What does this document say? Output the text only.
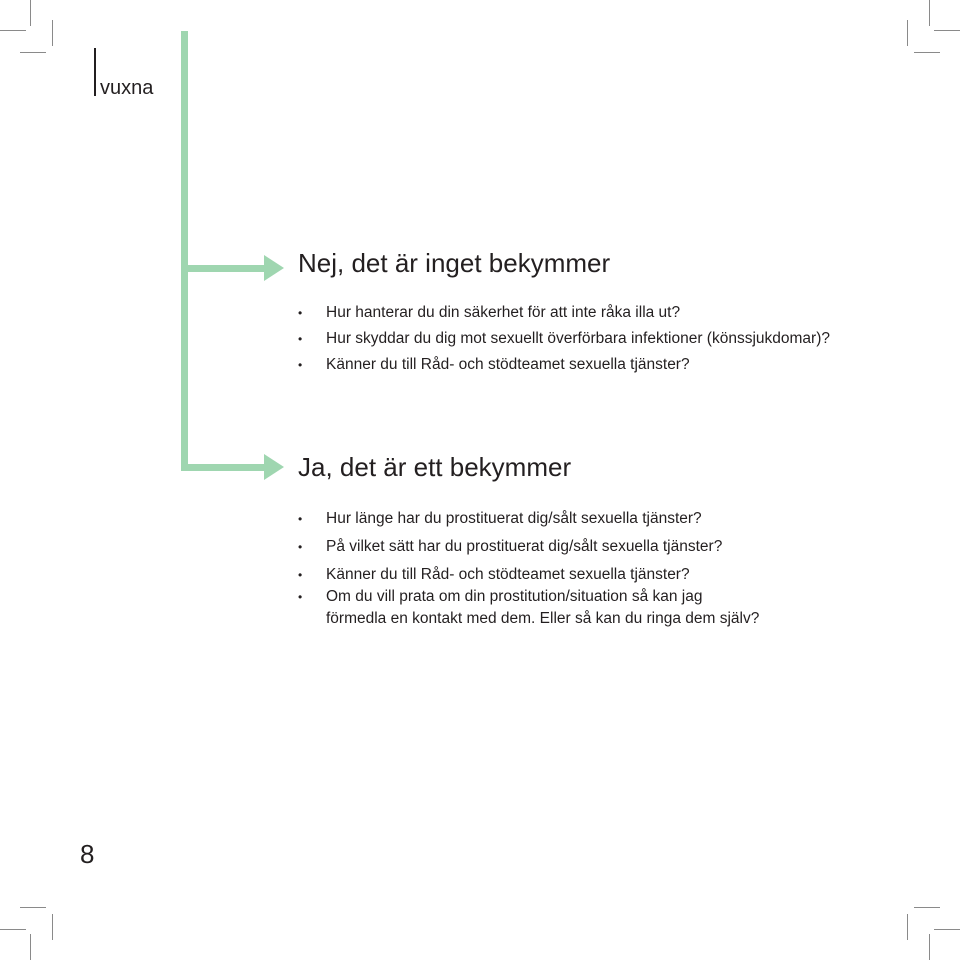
vuxna
Nej, det är inget bekymmer
• Hur hanterar du din säkerhet för att inte råka illa ut?
• Hur skyddar du dig mot sexuellt överförbara infektioner (könssjukdomar)?
• Känner du till Råd- och stödteamet sexuella tjänster?
Ja, det är ett bekymmer
• Hur länge har du prostituerat dig/sålt sexuella tjänster?
• På vilket sätt har du prostituerat dig/sålt sexuella tjänster?
• Känner du till Råd- och stödteamet sexuella tjänster?
• Om du vill prata om din prostitution/situation så kan jag
förmedla en kontakt med dem. Eller så kan du ringa dem själv?
8
